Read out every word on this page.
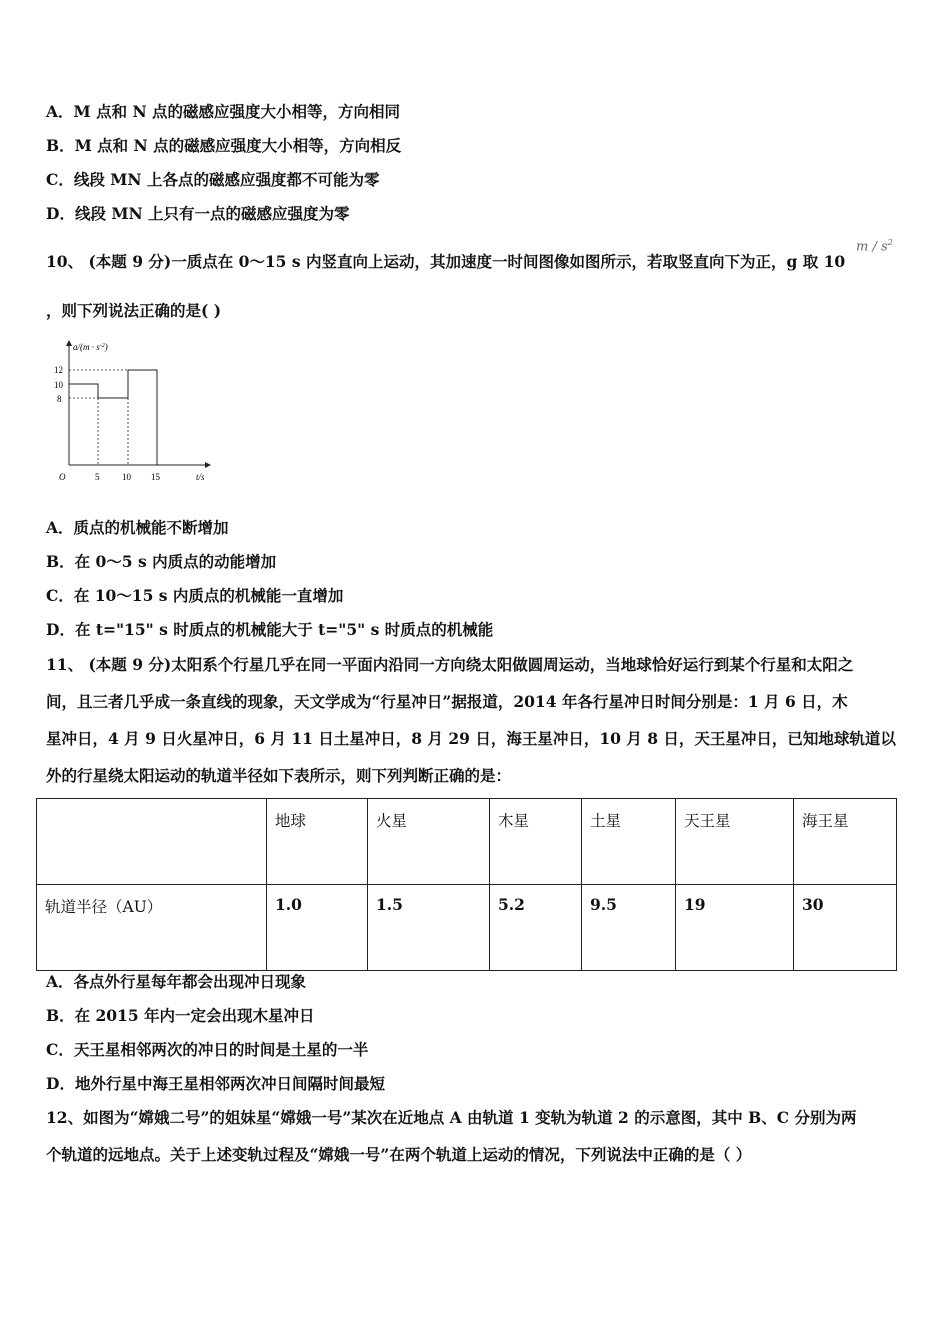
A．M 点和 N 点的磁感应强度大小相等，方向相同
B．M 点和 N 点的磁感应强度大小相等，方向相反
C．线段 MN 上各点的磁感应强度都不可能为零
D．线段 MN 上只有一点的磁感应强度为零
10、 (本题 9 分)一质点在 0～15 s 内竖直向上运动，其加速度一时间图像如图所示，若取竖直向下为正，g 取 10
m / $s^2$
，则下列说法正确的是( )
$a/(m \cdot s^{-2})$
t/s
O
12
10
8
5	10 15
A．质点的机械能不断增加
B．在 0～5 s 内质点的动能增加
C．在 10～15 s 内质点的机械能一直增加
D．在 t="15" s 时质点的机械能大于 t="5" s 时质点的机械能
11、 (本题 9 分)太阳系个行星几乎在同一平面内沿同一方向绕太阳做圆周运动，当地球恰好运行到某个行星和太阳之
间，且三者几乎成一条直线的现象，天文学成为“行星冲日”据报道，2014 年各行星冲日时间分别是：1 月 6 日，木
星冲日，4 月 9 日火星冲日，6 月 11 日土星冲日，8 月 29 日，海王星冲日，10 月 8 日，天王星冲日，已知地球轨道以
外的行星绕太阳运动的轨道半径如下表所示，则下列判断正确的是：
	地球	火星	木星	土星	天王星	海王星
轨道半径（AU）	1.0	1.5	5.2	9.5	19	30
A．各点外行星每年都会出现冲日现象
B．在 2015 年内一定会出现木星冲日
C．天王星相邻两次的冲日的时间是土星的一半
D．地外行星中海王星相邻两次冲日间隔时间最短
12、如图为“嫦娥二号”的姐妹星“嫦娥一号”某次在近地点 A 由轨道 1 变轨为轨道 2 的示意图，其中 B、C 分别为两
个轨道的远地点。关于上述变轨过程及“嫦娥一号”在两个轨道上运动的情况，下列说法中正确的是（ ）
